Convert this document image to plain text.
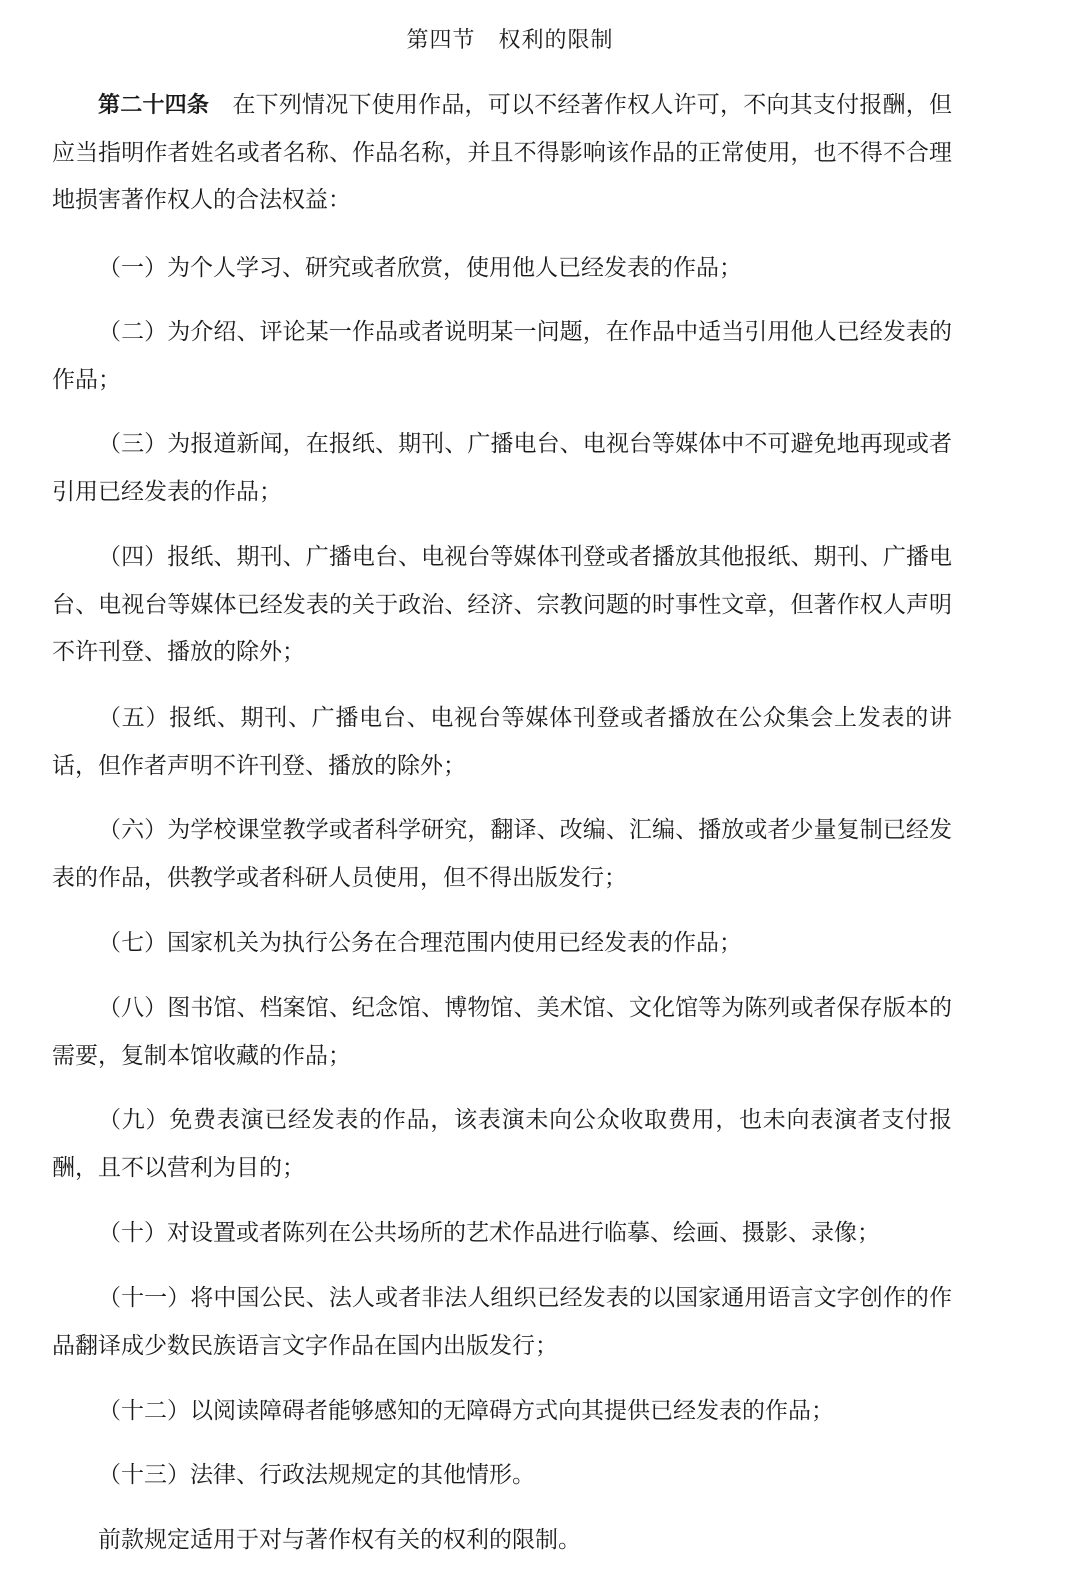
第四节　权利的限制

第二十四条　在下列情况下使用作品，可以不经著作权人许可，不向其支付报酬，但应当指明作者姓名或者名称、作品名称，并且不得影响该作品的正常使用，也不得不合理地损害著作权人的合法权益：

（一）为个人学习、研究或者欣赏，使用他人已经发表的作品；

（二）为介绍、评论某一作品或者说明某一问题，在作品中适当引用他人已经发表的作品；

（三）为报道新闻，在报纸、期刊、广播电台、电视台等媒体中不可避免地再现或者引用已经发表的作品；

（四）报纸、期刊、广播电台、电视台等媒体刊登或者播放其他报纸、期刊、广播电台、电视台等媒体已经发表的关于政治、经济、宗教问题的时事性文章，但著作权人声明不许刊登、播放的除外；

（五）报纸、期刊、广播电台、电视台等媒体刊登或者播放在公众集会上发表的讲话，但作者声明不许刊登、播放的除外；

（六）为学校课堂教学或者科学研究，翻译、改编、汇编、播放或者少量复制已经发表的作品，供教学或者科研人员使用，但不得出版发行；

（七）国家机关为执行公务在合理范围内使用已经发表的作品；

（八）图书馆、档案馆、纪念馆、博物馆、美术馆、文化馆等为陈列或者保存版本的需要，复制本馆收藏的作品；

（九）免费表演已经发表的作品，该表演未向公众收取费用，也未向表演者支付报酬，且不以营利为目的；

（十）对设置或者陈列在公共场所的艺术作品进行临摹、绘画、摄影、录像；

（十一）将中国公民、法人或者非法人组织已经发表的以国家通用语言文字创作的作品翻译成少数民族语言文字作品在国内出版发行；

（十二）以阅读障碍者能够感知的无障碍方式向其提供已经发表的作品；

（十三）法律、行政法规规定的其他情形。

前款规定适用于对与著作权有关的权利的限制。
